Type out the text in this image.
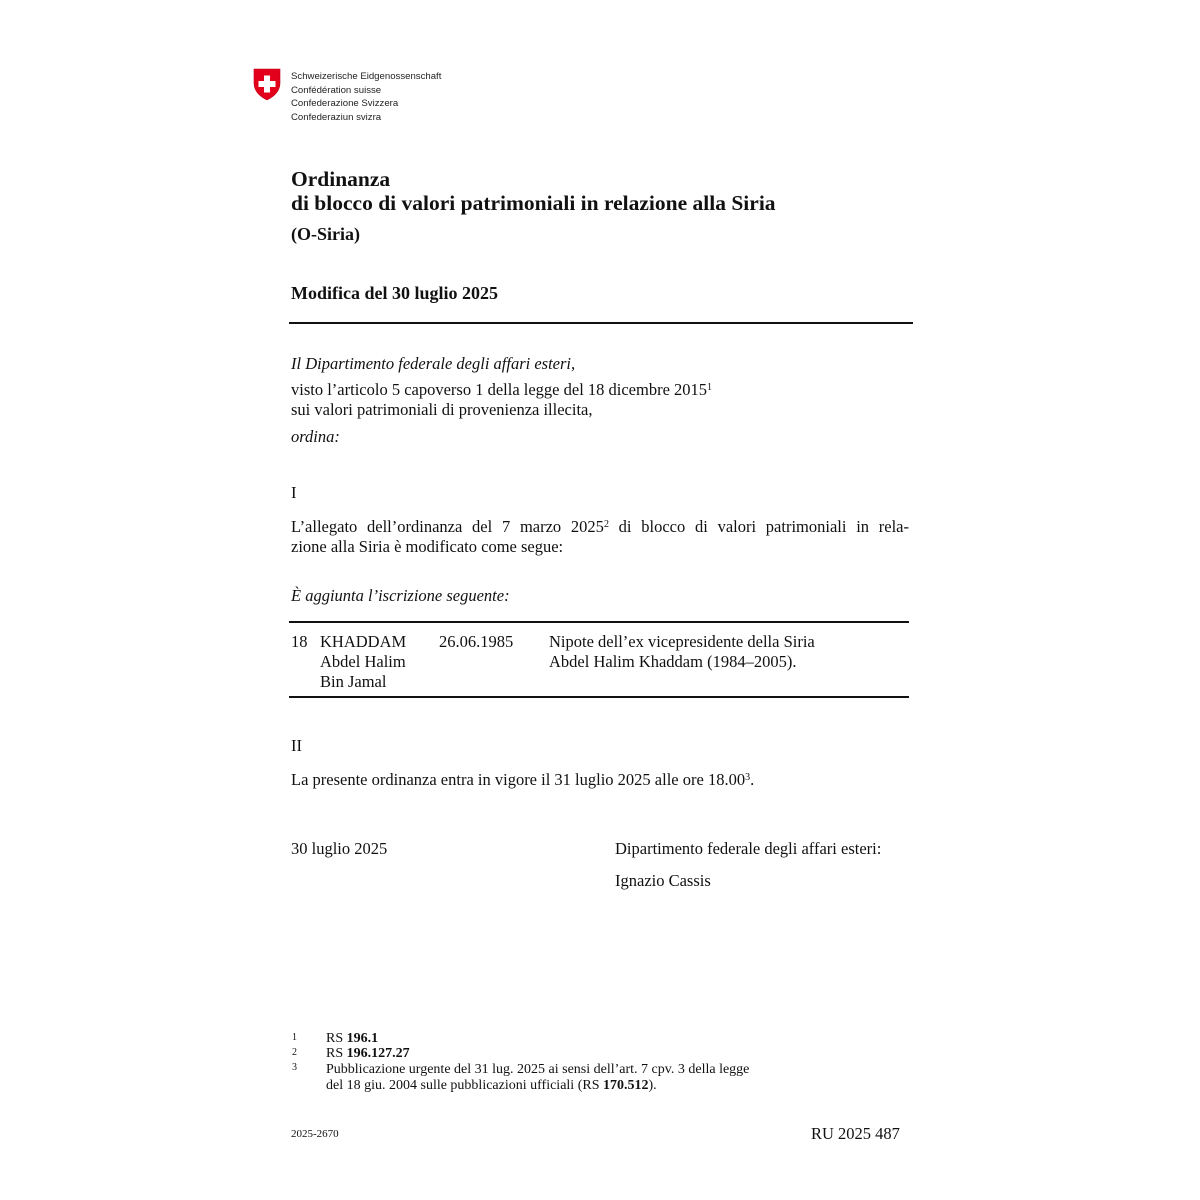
Schweizerische Eidgenossenschaft
Confédération suisse
Confederazione Svizzera
Confederaziun svizra
Ordinanza
di blocco di valori patrimoniali in relazione alla Siria
(O-Siria)
Modifica del 30 luglio 2025
Il Dipartimento federale degli affari esteri,
visto l’articolo 5 capoverso 1 della legge del 18 dicembre 2015$^1$
sui valori patrimoniali di provenienza illecita,
ordina:
I
L’allegato dell’ordinanza del 7 marzo 2025$^2$ di blocco di valori patrimoniali in rela-
zione alla Siria è modificato come segue:
È aggiunta l’iscrizione seguente:
18 KHADDAM
Abdel Halim
Bin Jamal
26.06.1985 Nipote dell’ex vicepresidente della Siria
Abdel Halim Khaddam (1984–2005).
II
La presente ordinanza entra in vigore il 31 luglio 2025 alle ore 18.00$^3$.
30 luglio 2025	Dipartimento federale degli affari esteri:
Ignazio Cassis
1 RS 196.1
2 RS 196.127.27
3 Pubblicazione urgente del 31 lug. 2025 ai sensi dell’art. 7 cpv. 3 della legge
del 18 giu. 2004 sulle pubblicazioni ufficiali (RS 170.512).
2025-2670	RU 2025 487
